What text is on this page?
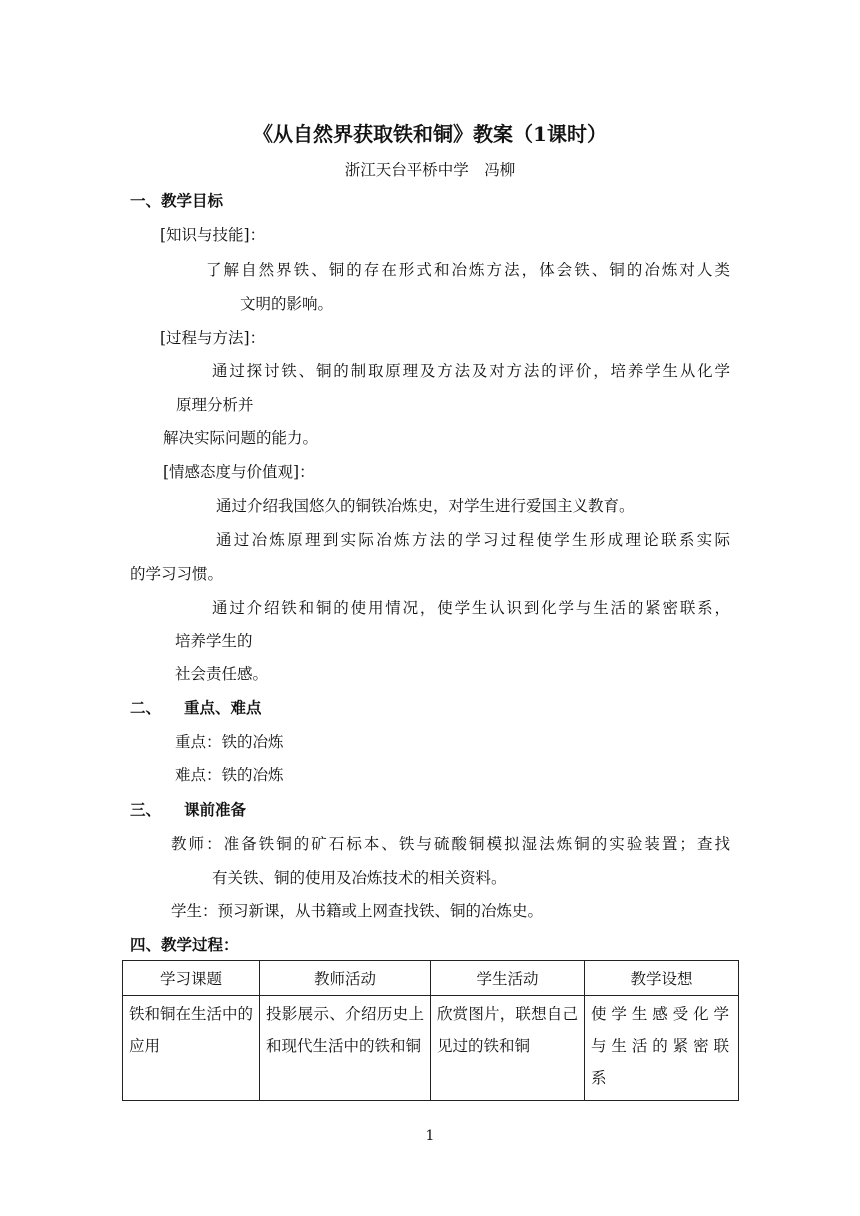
《从自然界获取铁和铜》教案（1课时）
浙江天台平桥中学　冯柳
一、教学目标
[知识与技能]：
了解自然界铁、铜的存在形式和冶炼方法，体会铁、铜的冶炼对人类
文明的影响。
[过程与方法]：
通过探讨铁、铜的制取原理及方法及对方法的评价，培养学生从化学
原理分析并
解决实际问题的能力。
[情感态度与价值观]：
通过介绍我国悠久的铜铁冶炼史，对学生进行爱国主义教育。
通过冶炼原理到实际冶炼方法的学习过程使学生形成理论联系实际
的学习习惯。
通过介绍铁和铜的使用情况，使学生认识到化学与生活的紧密联系，
培养学生的
社会责任感。
二、 重点、难点
重点：铁的冶炼
难点：铁的冶炼
三、 课前准备
教师：准备铁铜的矿石标本、铁与硫酸铜模拟湿法炼铜的实验装置；查找
有关铁、铜的使用及冶炼技术的相关资料。
学生：预习新课，从书籍或上网查找铁、铜的冶炼史。
四、教学过程：
学习课题	教师活动	学生活动	教学设想
铁和铜在生活中的应用	投影展示、介绍历史上和现代生活中的铁和铜	欣赏图片，联想自己见过的铁和铜	使学生感受化学与生活的紧密联系
1
